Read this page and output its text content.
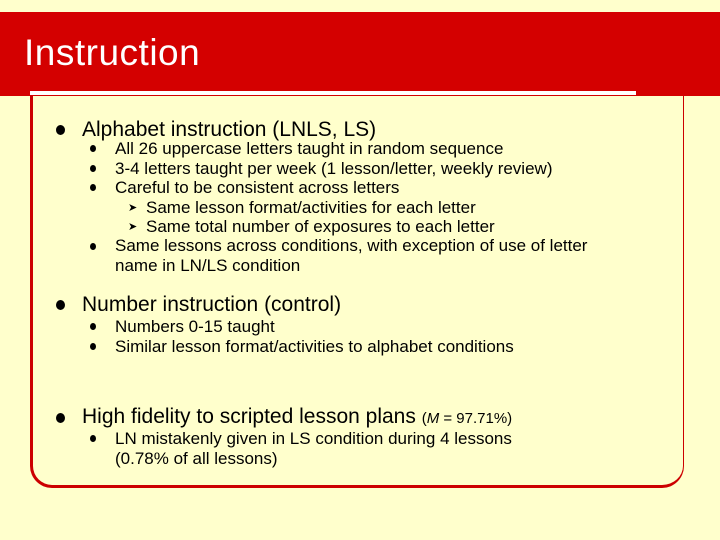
Instruction
Alphabet instruction (LNLS, LS)
All 26 uppercase letters taught in random sequence
3-4 letters taught per week (1 lesson/letter, weekly review)
Careful to be consistent across letters
➤ Same lesson format/activities for each letter
➤ Same total number of exposures to each letter
Same lessons across conditions, with exception of use of letter
name in LN/LS condition
Number instruction (control)
Numbers 0-15 taught
Similar lesson format/activities to alphabet conditions
High fidelity to scripted lesson plans (M = 97.71%)
LN mistakenly given in LS condition during 4 lessons
(0.78% of all lessons)
